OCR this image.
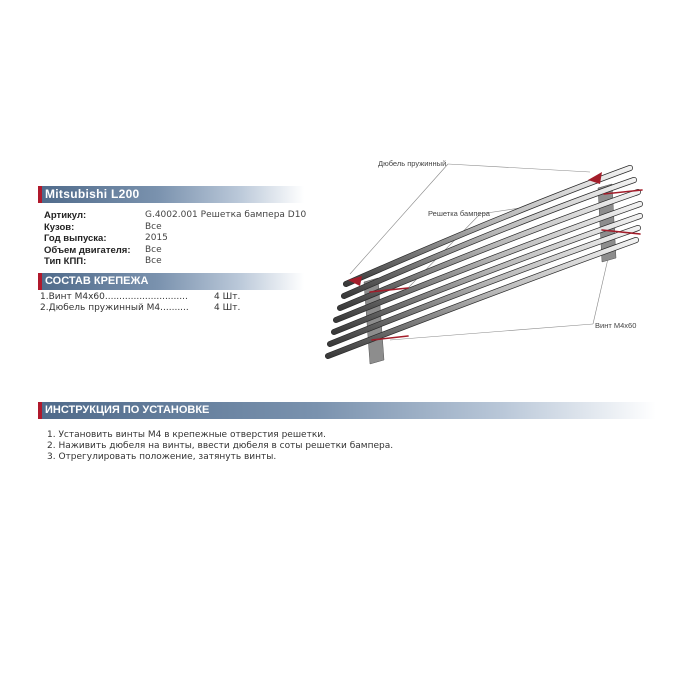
Mitsubishi L200
Артикул:	G.4002.001 Решетка бампера D10
Кузов:	Все
Год выпуска:	2015
Объем двигателя:	Все
Тип КПП:	Все
СОСТАВ КРЕПЕЖА
1.Винт М4х60.............................	4 Шт.
2.Дюбель пружинный М4..........	4 Шт.
Дюбель пружинный
Решетка бампера
Винт М4х60
ИНСТРУКЦИЯ ПО УСТАНОВКЕ
1. Установить винты М4 в крепежные отверстия решетки.
2. Наживить дюбеля на винты, ввести дюбеля в соты решетки бампера.
3. Отрегулировать положение, затянуть винты.
